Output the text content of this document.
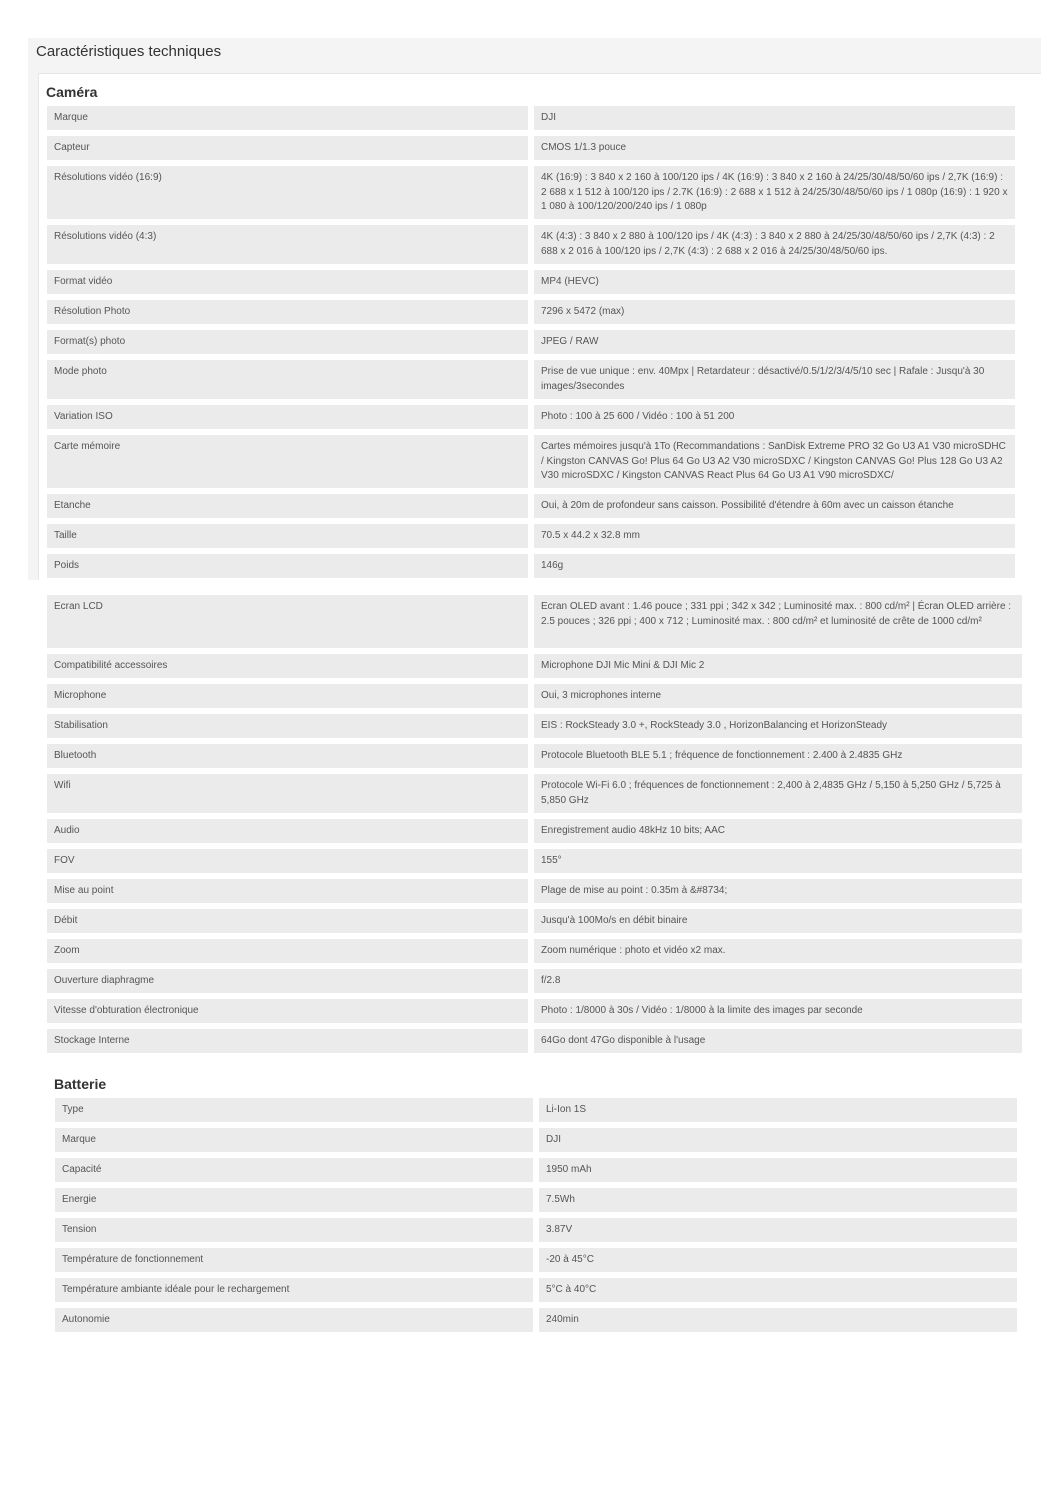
Caractéristiques techniques
Caméra
Marque	DJI
Capteur	CMOS 1/1.3 pouce
Résolutions vidéo (16:9)	4K (16:9) : 3 840 x 2 160 à 100/120 ips / 4K (16:9) : 3 840 x 2 160 à 24/25/30/48/50/60 ips / 2,7K (16:9) : 2 688 x 1 512 à 100/120 ips / 2.7K (16:9) : 2 688 x 1 512 à 24/25/30/48/50/60 ips / 1 080p (16:9) : 1 920 x 1 080 à 100/120/200/240 ips / 1 080p
Résolutions vidéo (4:3)	4K (4:3) : 3 840 x 2 880 à 100/120 ips / 4K (4:3) : 3 840 x 2 880 à 24/25/30/48/50/60 ips / 2,7K (4:3) : 2 688 x 2 016 à 100/120 ips / 2,7K (4:3) : 2 688 x 2 016 à 24/25/30/48/50/60 ips.
Format vidéo	MP4 (HEVC)
Résolution Photo	7296 x 5472 (max)
Format(s) photo	JPEG / RAW
Mode photo	Prise de vue unique : env. 40Mpx | Retardateur : désactivé/0.5/1/2/3/4/5/10 sec | Rafale : Jusqu'à 30 images/3secondes
Variation ISO	Photo : 100 à 25 600 / Vidéo : 100 à 51 200
Carte mémoire	Cartes mémoires jusqu'à 1To (Recommandations : SanDisk Extreme PRO 32 Go U3 A1 V30 microSDHC / Kingston CANVAS Go! Plus 64 Go U3 A2 V30 microSDXC / Kingston CANVAS Go! Plus 128 Go U3 A2 V30 microSDXC / Kingston CANVAS React Plus 64 Go U3 A1 V90 microSDXC/
Etanche	Oui, à 20m de profondeur sans caisson. Possibilité d'étendre à 60m avec un caisson étanche
Taille	70.5 x 44.2 x 32.8 mm
Poids	146g
Ecran LCD	Ecran OLED avant : 1.46 pouce ; 331 ppi ; 342 x 342 ; Luminosité max. : 800 cd/m² | Écran OLED arrière : 2.5 pouces ; 326 ppi ; 400 x 712 ; Luminosité max. : 800 cd/m² et luminosité de crête de 1000 cd/m²
Compatibilité accessoires	Microphone DJI Mic Mini & DJI Mic 2
Microphone	Oui, 3 microphones interne
Stabilisation	EIS : RockSteady 3.0 +, RockSteady 3.0 , HorizonBalancing et HorizonSteady
Bluetooth	Protocole Bluetooth BLE 5.1 ; fréquence de fonctionnement : 2.400 à 2.4835 GHz
Wifi	Protocole Wi-Fi 6.0 ; fréquences de fonctionnement : 2,400 à 2,4835 GHz / 5,150 à 5,250 GHz / 5,725 à 5,850 GHz
Audio	Enregistrement audio 48kHz 10 bits; AAC
FOV	155°
Mise au point	Plage de mise au point : 0.35m à &#8734;
Débit	Jusqu'à 100Mo/s en débit binaire
Zoom	Zoom numérique : photo et vidéo x2 max.
Ouverture diaphragme	f/2.8
Vitesse d'obturation électronique	Photo : 1/8000 à 30s / Vidéo : 1/8000 à la limite des images par seconde
Stockage Interne	64Go dont 47Go disponible à l'usage
Batterie
Type	Li-Ion 1S
Marque	DJI
Capacité	1950 mAh
Energie	7.5Wh
Tension	3.87V
Température de fonctionnement	-20 à 45°C
Température ambiante idéale pour le rechargement	5°C à 40°C
Autonomie	240min
